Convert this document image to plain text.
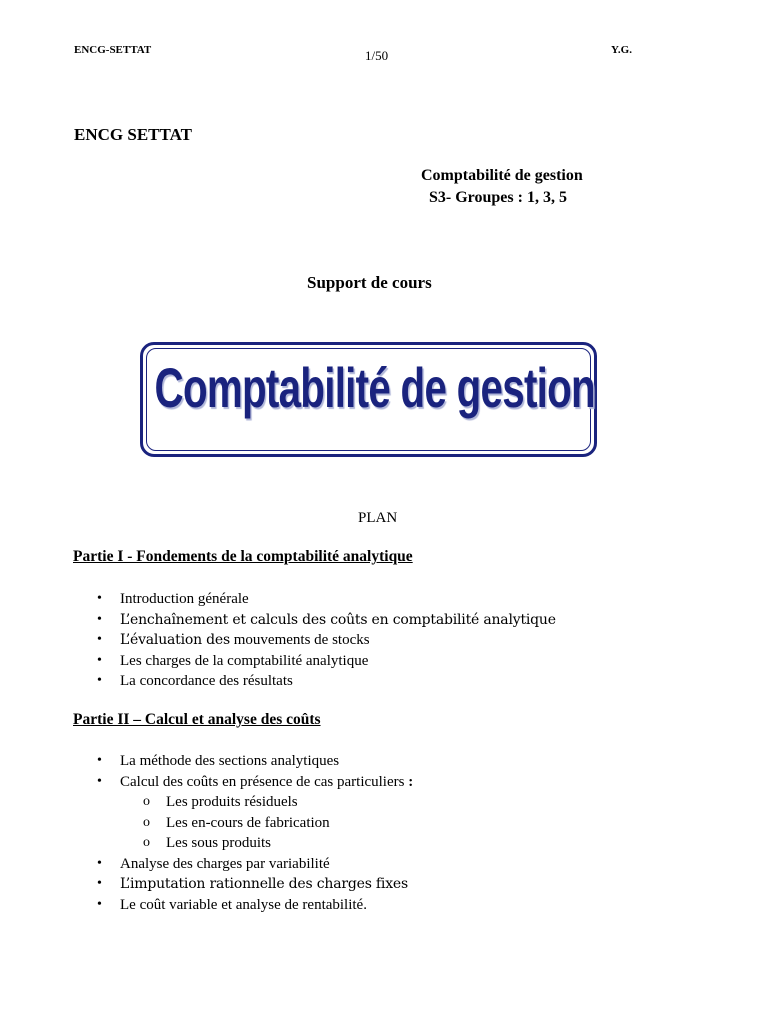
ENCG-SETTAT	1/50	Y.G.
ENCG SETTAT
Comptabilité de gestion
S3- Groupes : 1, 3, 5
Support de cours
Comptabilité de gestion
PLAN
Partie I - Fondements de la comptabilité analytique
• Introduction générale
• L’enchaînement et calculs des coûts en comptabilité analytique
• L’évaluation des mouvements de stocks
• Les charges de la comptabilité analytique
• La concordance des résultats
Partie II – Calcul et analyse des coûts
• La méthode des sections analytiques
• Calcul des coûts en présence de cas particuliers :
o Les produits résiduels
o Les en-cours de fabrication
o Les sous produits
• Analyse des charges par variabilité
• L’imputation rationnelle des charges fixes
• Le coût variable et analyse de rentabilité.
